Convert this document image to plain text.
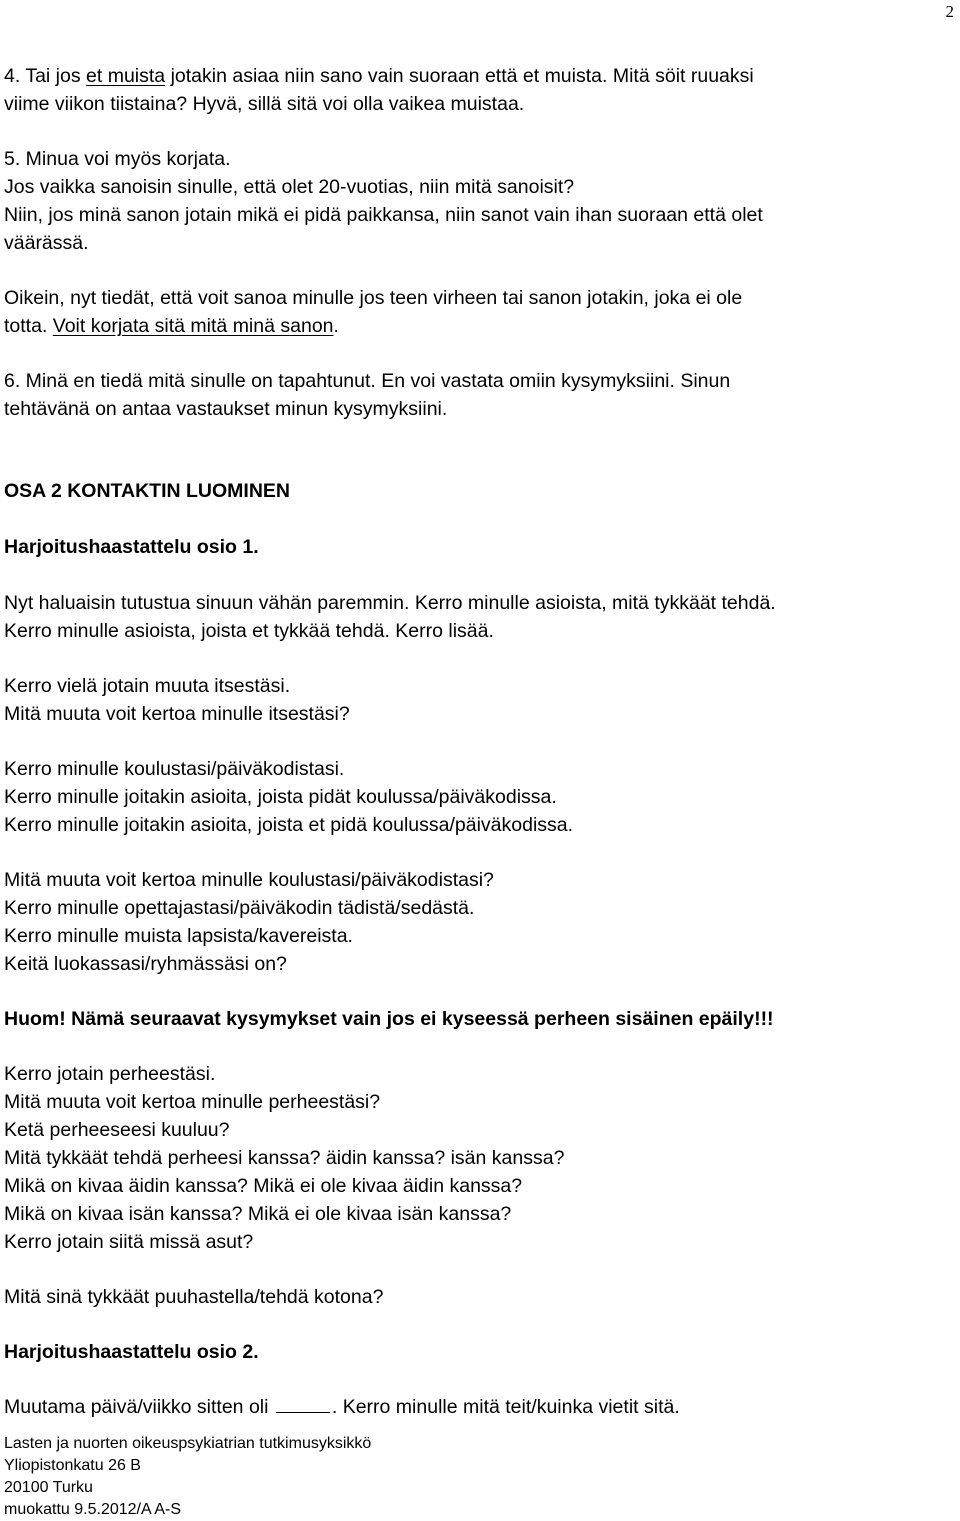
2

4. Tai jos et muista jotakin asiaa niin sano vain suoraan että et muista. Mitä söit ruuaksi

viime viikon tiistaina? Hyvä, sillä sitä voi olla vaikea muistaa.

5. Minua voi myös korjata.

Jos vaikka sanoisin sinulle, että olet 20-vuotias, niin mitä sanoisit?

Niin, jos minä sanon jotain mikä ei pidä paikkansa, niin sanot vain ihan suoraan että olet

väärässä.

Oikein, nyt tiedät, että voit sanoa minulle jos teen virheen tai sanon jotakin, joka ei ole

totta. Voit korjata sitä mitä minä sanon.

6. Minä en tiedä mitä sinulle on tapahtunut. En voi vastata omiin kysymyksiini. Sinun

tehtävänä on antaa vastaukset minun kysymyksiini.

OSA 2 KONTAKTIN LUOMINEN

Harjoitushaastattelu osio 1.

Nyt haluaisin tutustua sinuun vähän paremmin. Kerro minulle asioista, mitä tykkäät tehdä.

Kerro minulle asioista, joista et tykkää tehdä. Kerro lisää.

Kerro vielä jotain muuta itsestäsi.

Mitä muuta voit kertoa minulle itsestäsi?

Kerro minulle koulustasi/päiväkodistasi.

Kerro minulle joitakin asioita, joista pidät koulussa/päiväkodissa.

Kerro minulle joitakin asioita, joista et pidä koulussa/päiväkodissa.

Mitä muuta voit kertoa minulle koulustasi/päiväkodistasi?

Kerro minulle opettajastasi/päiväkodin tädistä/sedästä.

Kerro minulle muista lapsista/kavereista.

Keitä luokassasi/ryhmässäsi on?

Huom! Nämä seuraavat kysymykset vain jos ei kyseessä perheen sisäinen epäily!!!

Kerro jotain perheestäsi.

Mitä muuta voit kertoa minulle perheestäsi?

Ketä perheeseesi kuuluu?

Mitä tykkäät tehdä perheesi kanssa? äidin kanssa? isän kanssa?

Mikä on kivaa äidin kanssa? Mikä ei ole kivaa äidin kanssa?

Mikä on kivaa isän kanssa? Mikä ei ole kivaa isän kanssa?

Kerro jotain siitä missä asut?

Mitä sinä tykkäät puuhastella/tehdä kotona?

Harjoitushaastattelu osio 2.

Muutama päivä/viikko sitten oli	. Kerro minulle mitä teit/kuinka vietit sitä.

Lasten ja nuorten oikeuspsykiatrian tutkimusyksikkö

Yliopistonkatu 26 B

20100 Turku

muokattu 9.5.2012/A A-S
